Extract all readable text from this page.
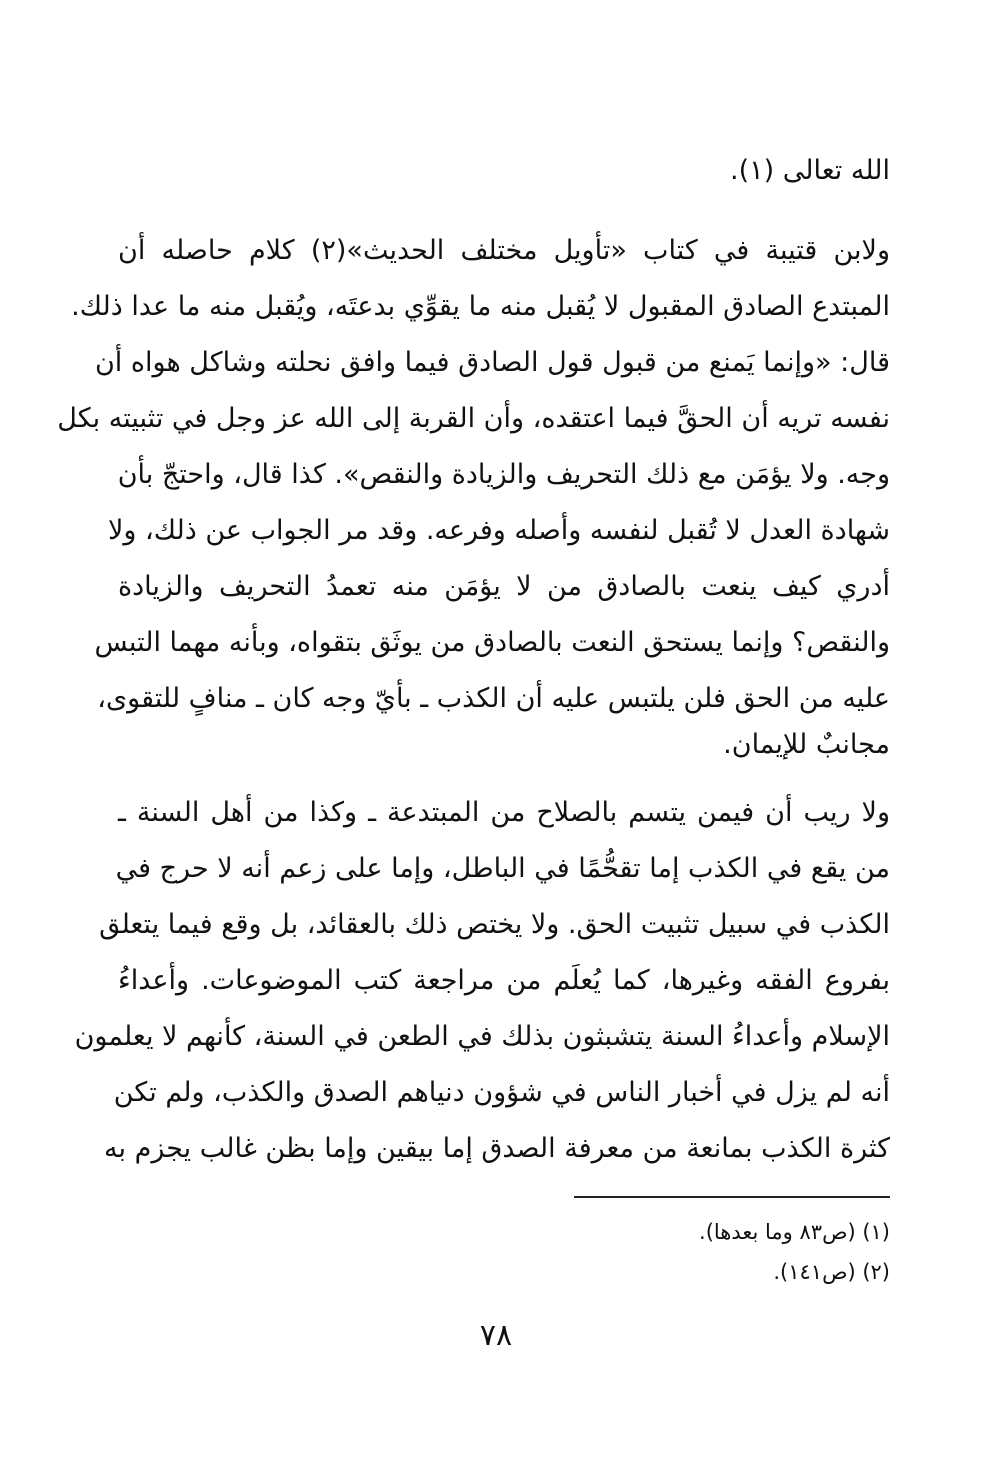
الله تعالى (١).
ولابن قتيبة في كتاب «تأويل مختلف الحديث»(٢) كلام حاصله أن
المبتدع الصادق المقبول لا يُقبل منه ما يقوِّي بدعتَه، ويُقبل منه ما عدا ذلك.
قال: «وإنما يَمنع من قبول قول الصادق فيما وافق نحلته وشاكل هواه أن
نفسه تريه أن الحقَّ فيما اعتقده، وأن القربة إلى الله عز وجل في تثبيته بكل
وجه. ولا يؤمَن مع ذلك التحريف والزيادة والنقص». كذا قال، واحتجّ بأن
شهادة العدل لا تُقبل لنفسه وأصله وفرعه. وقد مر الجواب عن ذلك، ولا
أدري كيف ينعت بالصادق من لا يؤمَن منه تعمدُ التحريف والزيادة
والنقص؟ وإنما يستحق النعت بالصادق من يوثَق بتقواه، وبأنه مهما التبس
عليه من الحق فلن يلتبس عليه أن الكذب ـ بأيّ وجه كان ـ منافٍ للتقوى،
مجانبٌ للإيمان.
ولا ريب أن فيمن يتسم بالصلاح من المبتدعة ـ وكذا من أهل السنة ـ
من يقع في الكذب إما تقحُّمًا في الباطل، وإما على زعم أنه لا حرج في
الكذب في سبيل تثبيت الحق. ولا يختص ذلك بالعقائد، بل وقع فيما يتعلق
بفروع الفقه وغيرها، كما يُعلَم من مراجعة كتب الموضوعات. وأعداءُ
الإسلام وأعداءُ السنة يتشبثون بذلك في الطعن في السنة، كأنهم لا يعلمون
أنه لم يزل في أخبار الناس في شؤون دنياهم الصدق والكذب، ولم تكن
كثرة الكذب بمانعة من معرفة الصدق إما بيقين وإما بظن غالب يجزم به
(١) (ص٨٣ وما بعدها).
(٢) (ص١٤١).
٧٨
